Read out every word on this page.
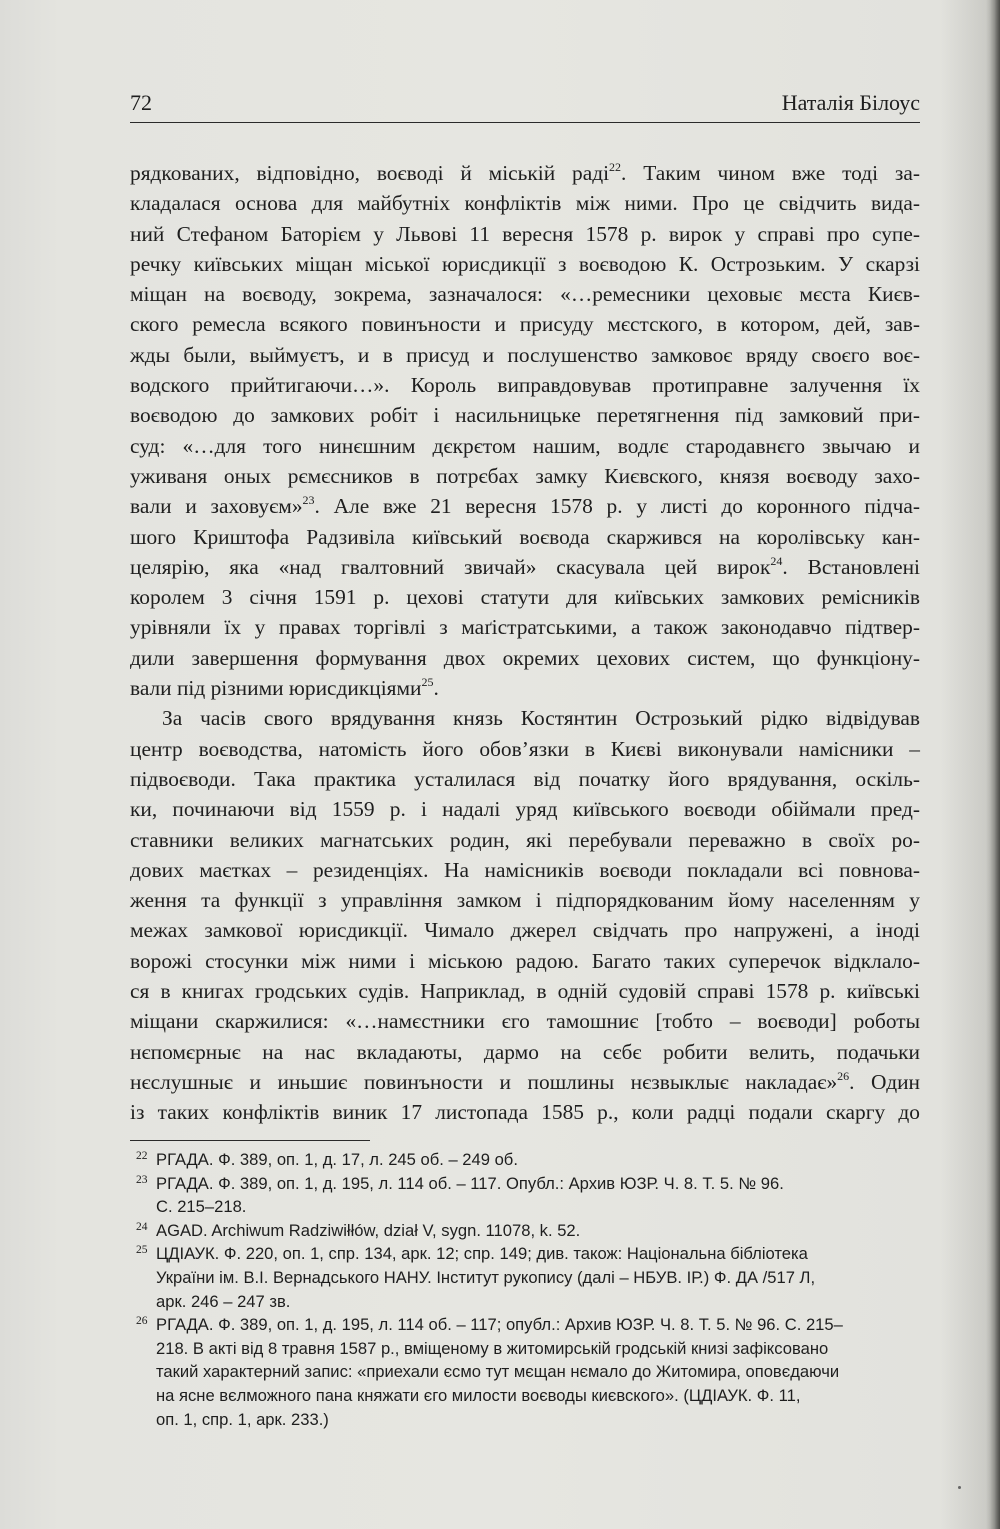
72	Наталія Білоус
рядкованих, відповідно, воєводі й міській раді$^{22}$. Таким чином вже тоді за-
кладалася основа для майбутніх конфліктів між ними. Про це свідчить вида-
ний Стефаном Баторієм у Львові 11 вересня 1578 р. вирок у справі про супе-
речку київських міщан міської юрисдикції з воєводою К. Острозьким. У скарзі
міщан на воєводу, зокрема, зазначалося: «…ремесники цеховыє мєста Києв-
ского ремесла всякого повинъности и присуду мєстского, в котором, дей, зав-
жды были, выймуєтъ, и в присуд и послушенство замковоє вряду своєго воє-
водского прийтигаючи…». Король виправдовував протиправне залучення їх
воєводою до замкових робіт і насильницьке перетягнення під замковий при-
суд: «…для того нинєшним дєкрєтом нашим, водлє стародавнєго звычаю и
уживаня оных рємєсников в потрєбах замку Києвского, князя воєводу захо-
вали и заховуєм»$^{23}$. Але вже 21 вересня 1578 р. у листі до коронного підча-
шого Криштофа Радзивіла київський воєвода скаржився на королівську кан-
целярію, яка «над гвалтовний звичай» скасувала цей вирок$^{24}$. Встановлені
королем 3 січня 1591 р. цехові статути для київських замкових ремісників
урівняли їх у правах торгівлі з маґістратськими, а також законодавчо підтвер-
дили завершення формування двох окремих цехових систем, що функціону-
вали під різними юрисдикціями$^{25}$.
За часів свого врядування князь Костянтин Острозький рідко відвідував
центр воєводства, натомість його обов’язки в Києві виконували намісники –
підвоєводи. Така практика усталилася від початку його врядування, оскіль-
ки, починаючи від 1559 р. і надалі уряд київського воєводи обіймали пред-
ставники великих магнатських родин, які перебували переважно в своїх ро-
дових маєтках – резиденціях. На намісників воєводи покладали всі повнова-
ження та функції з управління замком і підпорядкованим йому населенням у
межах замкової юрисдикції. Чимало джерел свідчать про напружені, а іноді
ворожі стосунки між ними і міською радою. Багато таких суперечок відклало-
ся в книгах гродських судів. Наприклад, в одній судовій справі 1578 р. київські
міщани скаржилися: «…намєстники єго тамошниє [тобто – воєводи] роботы
нєпомєрныє на нас вкладаюты, дармо на сєбє робити велить, подачьки
нєслушныє и иньшиє повинъности и пошлины нєзвыклыє накладає»$^{26}$. Один
із таких конфліктів виник 17 листопада 1585 р., коли радці подали скаргу до
22 РГАДА. Ф. 389, оп. 1, д. 17, л. 245 об. – 249 об.
23 РГАДА. Ф. 389, оп. 1, д. 195, л. 114 об. – 117. Опубл.: Архив ЮЗР. Ч. 8. Т. 5. № 96.
С. 215–218.
24 AGAD. Archiwum Radziwiłłów, dział V, sygn. 11078, k. 52.
25 ЦДІАУК. Ф. 220, оп. 1, спр. 134, арк. 12; спр. 149; див. також: Національна бібліотека
України ім. В.І. Вернадського НАНУ. Інститут рукопису (далі – НБУВ. ІР.) Ф. ДА /517 Л,
арк. 246 – 247 зв.
26 РГАДА. Ф. 389, оп. 1, д. 195, л. 114 об. – 117; опубл.: Архив ЮЗР. Ч. 8. Т. 5. № 96. С. 215–
218. В акті від 8 травня 1587 р., вміщеному в житомирській гродській книзі зафіксовано
такий характерний запис: «приехали єсмо тут мєщан нємало до Житомира, оповєдаючи
на ясне вєлможного пана княжати єго милости воєводы києвского». (ЦДІАУК. Ф. 11,
оп. 1, спр. 1, арк. 233.)
